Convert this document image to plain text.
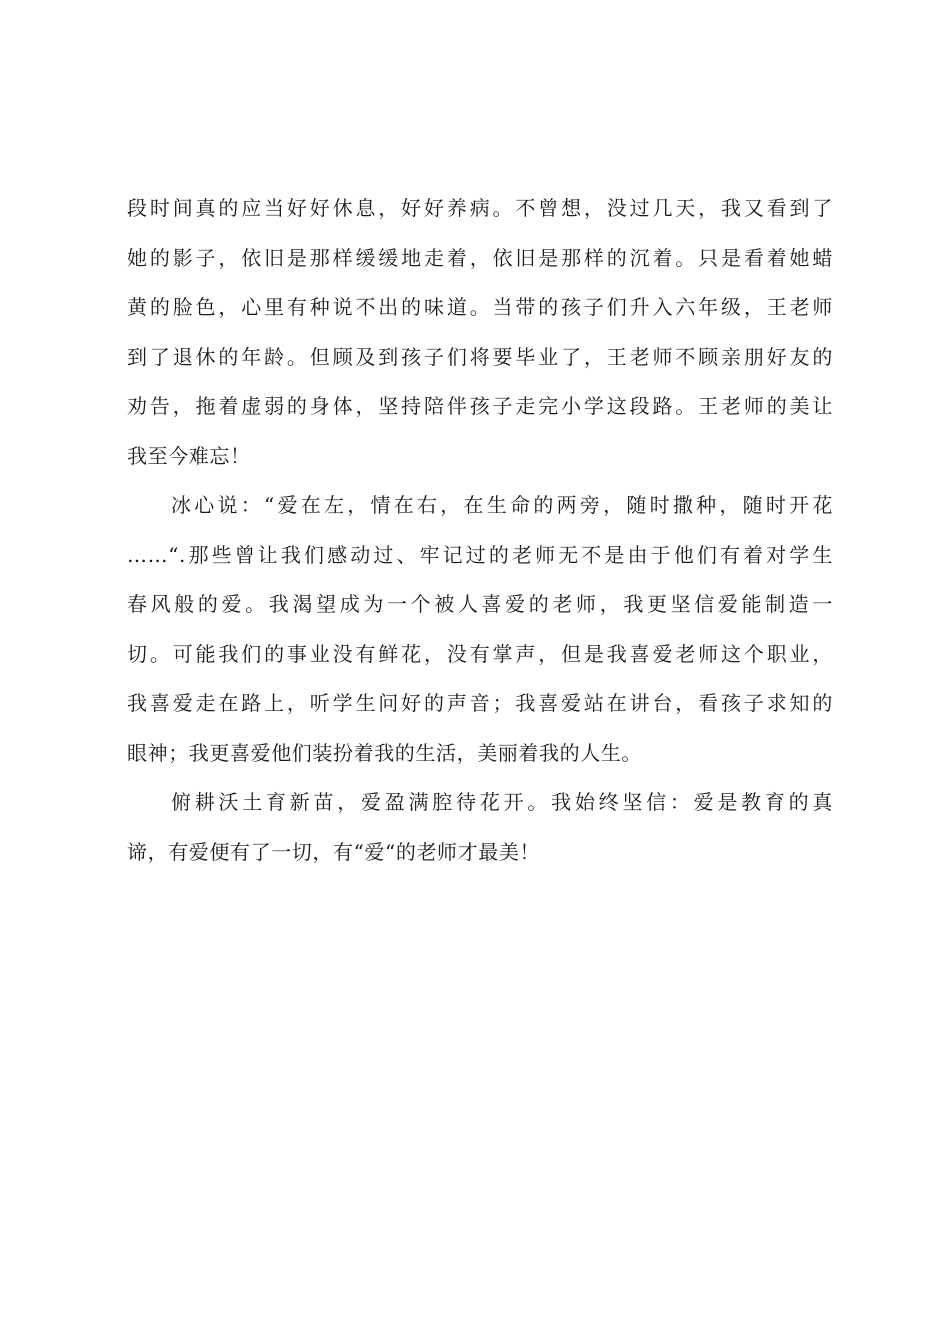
段时间真的应当好好休息，好好养病。不曾想，没过几天，我又看到了
她的影子，依旧是那样缓缓地走着，依旧是那样的沉着。只是看着她蜡
黄的脸色，心里有种说不出的味道。当带的孩子们升入六年级，王老师
到了退休的年龄。但顾及到孩子们将要毕业了，王老师不顾亲朋好友的
劝告，拖着虚弱的身体，坚持陪伴孩子走完小学这段路。王老师的美让
我至今难忘！
冰心说：“爱在左，情在右，在生命的两旁，随时撒种，随时开花
……“.那些曾让我们感动过、牢记过的老师无不是由于他们有着对学生
春风般的爱。我渴望成为一个被人喜爱的老师，我更坚信爱能制造一
切。可能我们的事业没有鲜花，没有掌声，但是我喜爱老师这个职业，
我喜爱走在路上，听学生问好的声音；我喜爱站在讲台，看孩子求知的
眼神；我更喜爱他们装扮着我的生活，美丽着我的人生。
俯耕沃土育新苗，爱盈满腔待花开。我始终坚信：爱是教育的真
谛，有爱便有了一切，有“爱“的老师才最美！
